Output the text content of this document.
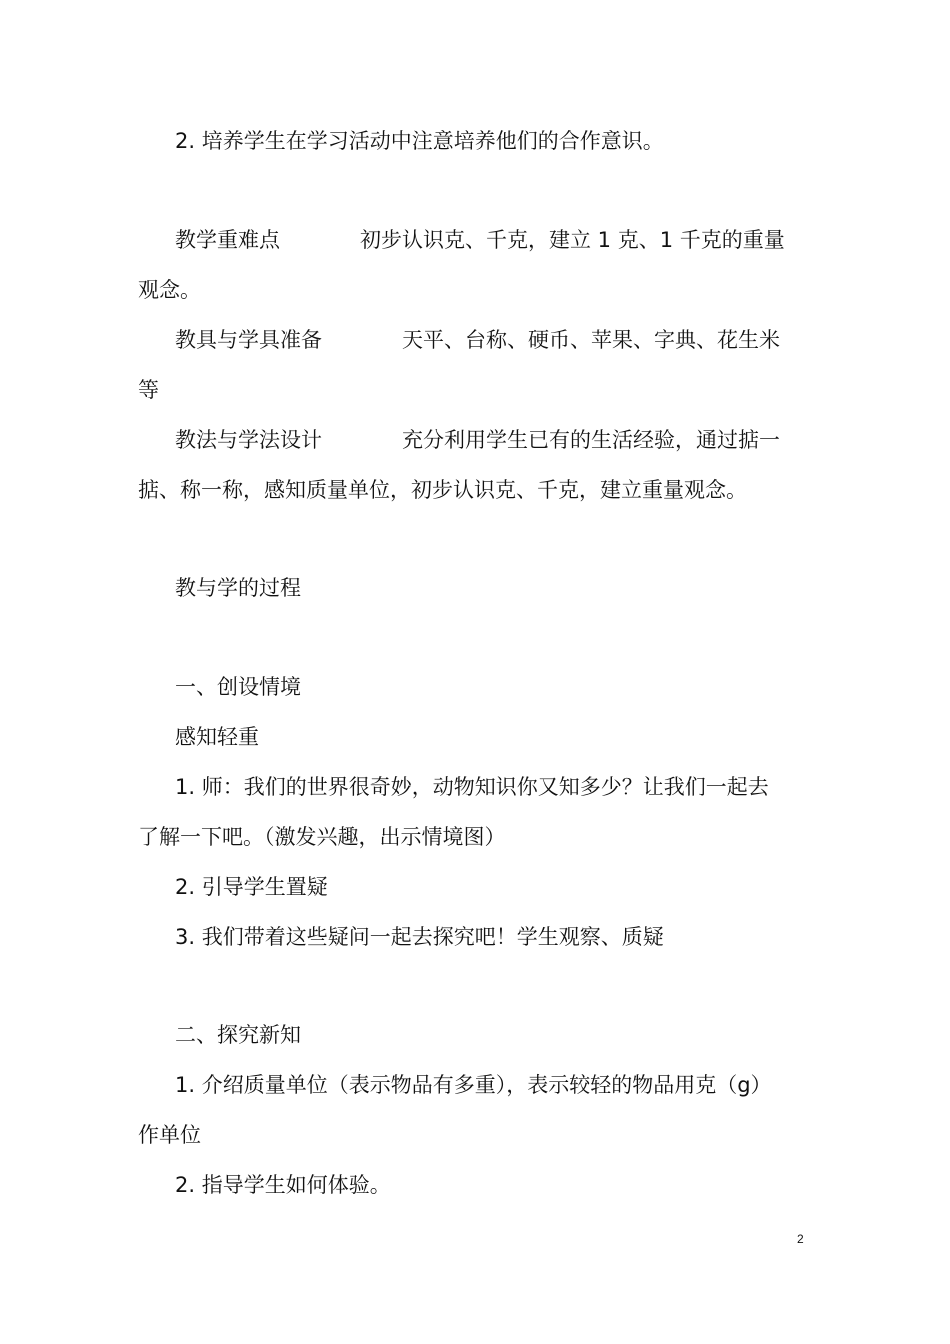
2. 培养学生在学习活动中注意培养他们的合作意识。
教学重难点	初步认识克、千克，建立 1 克、1 千克的重量
观念。
教具与学具准备	天平、台称、硬币、苹果、字典、花生米
等
教法与学法设计	充分利用学生已有的生活经验，通过掂一
掂、称一称，感知质量单位，初步认识克、千克，建立重量观念。
教与学的过程
一、创设情境
感知轻重
1. 师：我们的世界很奇妙，动物知识你又知多少？让我们一起去
了解一下吧。（激发兴趣，出示情境图）
2. 引导学生置疑
3. 我们带着这些疑问一起去探究吧！学生观察、质疑
二、探究新知
1. 介绍质量单位（表示物品有多重），表示较轻的物品用克（g）
作单位
2. 指导学生如何体验。
2
